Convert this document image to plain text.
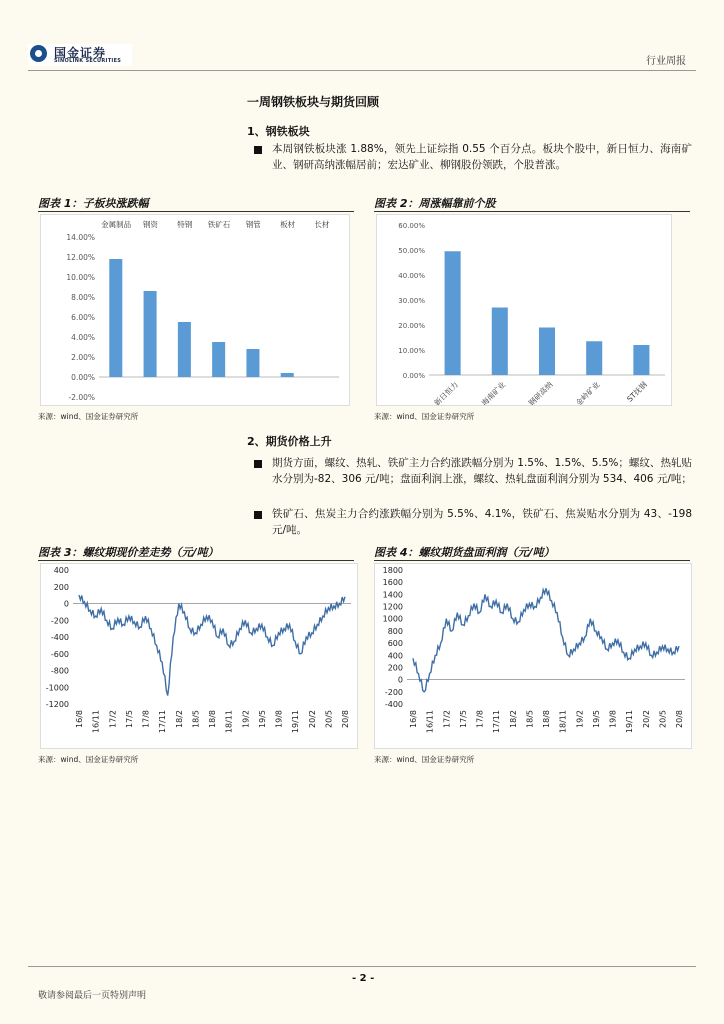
国金证券
SINOLINK SECURITIES	行业周报
一周钢铁板块与期货回顾
1、钢铁板块
本周钢铁板块涨 1.88%，领先上证综指 0.55 个百分点。板块个股中，新日恒力、海南矿业、钢研高纳涨幅居前；宏达矿业、柳钢股份领跌，个股普涨。
图表 1：子板块涨跌幅
-2.00%
0.00%
2.00%
4.00%
6.00%
8.00%
10.00%
12.00%
14.00%
金属制品 钢资	特钢 铁矿石 钢管	板材	长材
来源：wind、国金证券研究所
图表 2：周涨幅靠前个股
0.00%
10.00%
20.00%
30.00%
40.00%
50.00%
60.00%
新日恒力	海南矿业	钢研高纳	金岭矿业	ST抚钢
来源：wind、国金证券研究所
2、期货价格上升
期货方面，螺纹、热轧、铁矿主力合约涨跌幅分别为 1.5%、1.5%、5.5%；螺纹、热轧贴水分别为-82、306 元/吨；盘面利润上涨，螺纹、热轧盘面利润分别为 534、406 元/吨；
铁矿石、焦炭主力合约涨跌幅分别为 5.5%、4.1%，铁矿石、焦炭贴水分别为 43、-198 元/吨。
图表 3：螺纹期现价差走势（元/吨）
-1200
-1000
-800
-600
-400
-200
0
200
400
16/8 16/11 17/2 17/5 17/8 17/11 18/2 18/5 18/8 18/11 19/2 19/5 19/8 19/11 20/2 20/5 20/8
来源：wind、国金证券研究所
图表 4：螺纹期货盘面利润（元/吨）
-400
-200
0
200
400
600
800
1000
1200
1400
1600
1800
16/8 16/11 17/2 17/5 17/8 17/11 18/2 18/5 18/8 18/11 19/2 19/5 19/8 19/11 20/2 20/5 20/8
来源：wind、国金证券研究所
- 2 -
敬请参阅最后一页特别声明
